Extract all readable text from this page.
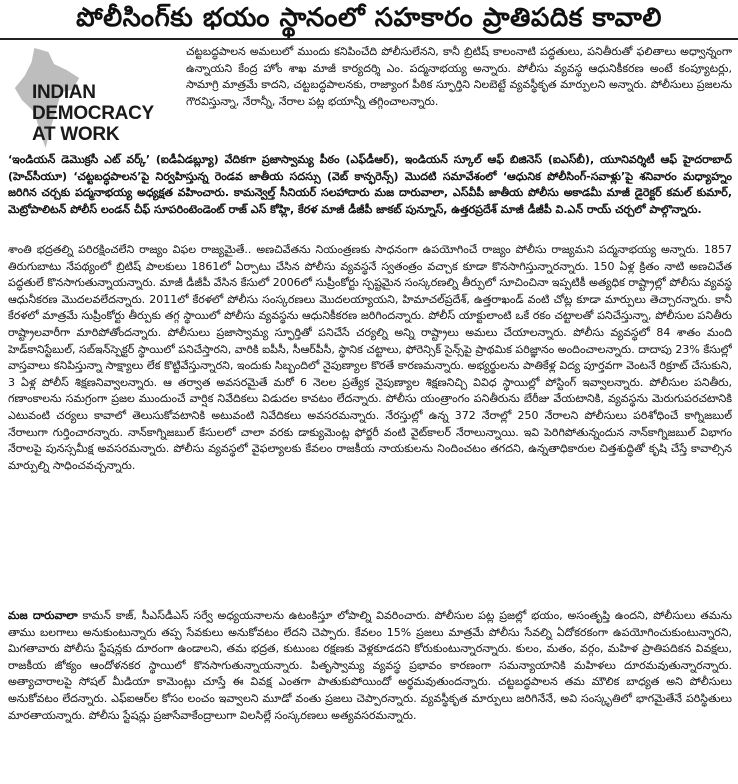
పోలీసింగ్‌కు భయం స్థానంలో సహకారం ప్రాతిపదిక కావాలి
INDIAN
DEMOCRACY
AT WORK

చట్టబద్ధపాలన అమలులో ముందు కనిపించేది పోలీసులేనని, కానీ బ్రిటిష్ కాలంనాటి పద్ధతులు, పనితీరుతో ఫలితాలు అధ్వాన్నంగా ఉన్నాయని కేంద్ర హోం శాఖ మాజీ కార్యదర్శి ఎం. పద్మనాభయ్య అన్నారు. పోలీసు వ్యవస్థ ఆధునికీకరణ అంటే కంప్యూటర్లు, సామాగ్రి మాత్రమే కాదని, చట్టబద్ధపాలనకు, రాజ్యాంగ పీఠిక స్ఫూర్తిని నిలబెట్టే వ్యవస్థీకృత మార్పులని అన్నారు. పోలీసులు ప్రజలను గౌరవిస్తున్నా, నేరాన్నీ, నేరాల పట్ల భయాన్నీ తగ్గించాలన్నారు.

‘ఇండియన్ డెమొక్రసీ ఎట్ వర్క్’ (ఐడీఏడబ్ల్యూ) వేదికగా ప్రజాస్వామ్య పీఠం (ఎఫ్‌డీఆర్), ఇండియన్ స్కూల్ ఆఫ్ బిజినెస్ (ఐఎస్‌బీ), యూనివర్శిటీ ఆఫ్ హైదరాబాద్ (హెచ్‌సీయూ) ‘చట్టబద్ధపాలన’పై నిర్వహిస్తున్న రెండవ జాతీయ సదస్సు (వెబ్ కాన్ఫరెన్స్) మొదటి సమావేశంలో ‘ఆధునిక పోలీసింగ్-సవాళ్లు’పై శనివారం మధ్యాహ్నం జరిగిన చర్చకు పద్మనాభయ్య అధ్యక్షత వహించారు. కామన్వెల్త్ సీనియర్ సలహాదారు మజ దారువాలా, ఎస్‌వీపీ జాతీయ పోలీసు అకాడమీ మాజీ డైరెక్టర్ కమల్ కుమార్, మెట్రోపాలిటన్ పోలీస్ లండన్ చీఫ్ సూపరింటెండెంట్ రాజ్ ఎస్ కోహ్లి, కేరళ మాజీ డీజీపీ జాకబ్ పున్నూస్, ఉత్తరప్రదేశ్ మాజీ డీజీపీ వి.ఎన్ రాయ్ చర్చలో పాల్గొన్నారు.

శాంతి భద్రతల్ని పరిరక్షించలేని రాజ్యం విఫల రాజ్యమైతే.. అణచివేతను నియంత్రణకు సాధనంగా ఉపయోగించే రాజ్యం పోలీసు రాజ్యమని పద్మనాభయ్య అన్నారు. 1857 తిరుగుబాటు నేపథ్యంలో బ్రిటిష్ పాలకులు 1861లో ఏర్పాటు చేసిన పోలీసు వ్యవస్థనే స్వతంత్రం వచ్చాక కూడా కొనసాగిస్తున్నారన్నారు. 150 ఏళ్ల క్రితం నాటి అణచివేత పద్ధతులే కొనసాగుతున్నాయన్నారు. మాజీ డీజీపీ వేసిన కేసులో 2006లో సుప్రీంకోర్టు స్పష్టమైన సంస్కరణల్ని తీర్పులో సూచించినా ఇప్పటికీ అత్యధిక రాష్ట్రాల్లో పోలీసు వ్యవస్థ ఆధునీకరణ మొదలవలేదన్నారు. 2011లో కేరళలో పోలీసు సంస్కరణలు మొదలయ్యాయని, హిమాచల్‌ప్రదేశ్, ఉత్తరాఖండ్ వంటి చోట్ల కూడా మార్పులు తెచ్చారన్నారు. కానీ కేరళలో మాత్రమే సుప్రీంకోర్టు తీర్పుకు తగ్గ స్థాయిలో పోలీసు వ్యవస్థను ఆధునికీకరణ జరిగిందన్నారు. పోలీస్ యాక్టులాంటి ఒకే రకం చట్టాలతో పనిచేస్తున్నా, పోలీసుల పనితీరు రాష్ట్రాలవారీగా మారిపోతోందన్నారు. పోలీసులు ప్రజాస్వామ్య స్ఫూర్తితో పనిచేసే చర్యల్ని అన్ని రాష్ట్రాలు అమలు చేయాలన్నారు. పోలీసు వ్యవస్థలో 84 శాతం మంది హెడ్‌కానిస్టేబుల్, సబ్‌ఇన్‌స్పెక్టర్ స్థాయిలో పనిచేస్తారని, వారికి ఐపీసీ, సీఆర్‌పీసీ, స్థానిక చట్టాలు, ఫోరెన్సిక్ సైన్స్‌పై ప్రాథమిక పరిజ్ఞానం అందించాలన్నారు. దాదాపు 23% కేసుల్లో వాస్తవాలు కనిపిస్తున్నా సాక్ష్యాలు లేక కొట్టివేస్తున్నారని, ఇందుకు సిబ్బందిలో నైపుణ్యాల కొరతే కారణమన్నారు. అభ్యర్థులను పాతికేళ్ల విద్య పూర్తవగా వెంటనే రిక్రూట్ చేసుకుని, 3 ఏళ్ల పోలీస్ శిక్షణనివ్వాలన్నారు. ఆ తర్వాత అవసరమైతే మరో 6 నెలల ప్రత్యేక నైపుణ్యాల శిక్షణనిచ్చి వివిధ స్థాయిల్లో పోస్టింగ్ ఇవ్వాలన్నారు. పోలీసుల పనితీరు, గణాంకాలను సమగ్రంగా ప్రజల ముందుంచే వార్షిక నివేదికలు విడుదల కావటం లేదన్నారు. పోలీసు యంత్రాంగం పనితీరును బేరీజు వేయటానికి, వ్యవస్థను మెరుగుపరచటానికి ఎటువంటి చర్యలు కావాలో తెలుసుకోవటానికి అటువంటి నివేదికలు అవసరమన్నారు. నేరస్తుల్లో ఉన్న 372 నేరాల్లో 250 నేరాలని పోలీసులు పరిశోధించే కాగ్నిజబుల్ నేరాలుగా గుర్తించారన్నారు. నాన్‌కాగ్నిజబుల్ కేసులలో చాలా వరకు డాక్యుమెంట్ల ఫోర్జరీ వంటి వైట్‌కాలర్ నేరాలున్నాయి. ఇవి పెరిగిపోతున్నందున నాన్‌కాగ్నిజబుల్ విభాగం నేరాలపై పునస్సమీక్ష అవసరమన్నారు. పోలీసు వ్యవస్థలో వైఫల్యాలకు కేవలం రాజకీయ నాయకులను నిందించటం తగదని, ఉన్నతాధికారుల చిత్తశుద్ధితో కృషి చేస్తే కావాల్సిన మార్పుల్ని సాధించవచ్చన్నారు.

మజ దారువాలా కామన్ కాజ్, సీఎస్‌డీఎస్ సర్వే అధ్యయనాలను ఉటంకిస్తూ లోపాల్ని వివరించారు. పోలీసుల పట్ల ప్రజల్లో భయం, అసంతృప్తి ఉందని, పోలీసులు తమను తాము బలగాలు అనుకుంటున్నారు తప్ప సేవకులు అనుకోవటం లేదని చెప్పారు. కేవలం 15% ప్రజలు మాత్రమే పోలీసు సేవల్ని ఏదోకరకంగా ఉపయోగించుకుంటున్నారని, మిగతావారు పోలీసు స్టేషన్లకు దూరంగా ఉండాలని, తమ భద్రత, కుటుంబ రక్షణకు వెళ్లకూడదని కోరుకుంటున్నారన్నారు. కులం, మతం, వర్గం, మహిళ ప్రాతిపదికన వివక్షలు, రాజకీయ జోక్యం ఆందోళనకర స్థాయిలో కొనసాగుతున్నాయన్నారు. పితృస్వామ్య వ్యవస్థ ప్రభావం కారణంగా సమన్యాయానికి మహిళలు దూరమవుతున్నారన్నారు. అత్యాచారాలపై సోషల్ మీడియా కామెంట్లు చూస్తే ఈ వివక్ష ఎంతగా పాతుకుపోయిందో అర్థమవుతుందన్నారు. చట్టబద్ధపాలన తమ మౌలిక బాధ్యత అని పోలీసులు అనుకోవటం లేదన్నారు. ఎఫ్‌ఐఆర్‌ల కోసం లంచం ఇవ్వాలని మూడో వంతు ప్రజలు చెప్పారన్నారు. వ్యవస్థీకృత మార్పులు జరిగినేనే, అవి సంస్కృతిలో భాగమైతేనే పరిస్థితులు మారతాయన్నారు. పోలీసు స్టేషన్లు ప్రజాసేవాకేంద్రాలుగా విలసిల్లే సంస్కరణలు అత్యవసరమన్నారు.
